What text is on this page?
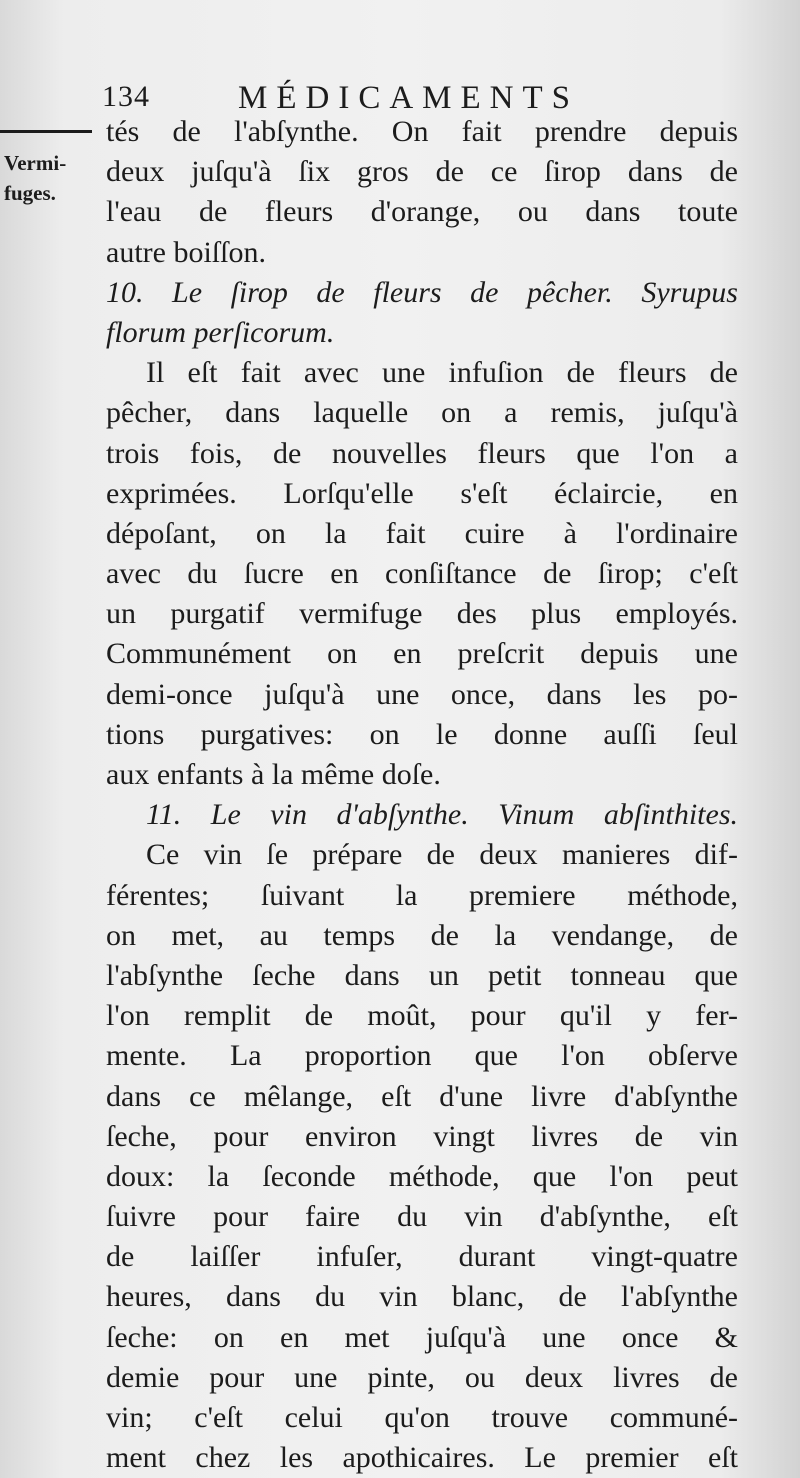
134	MÉDICAMENTS
Vermi-
fuges.
tés de l'abſynthe. On fait prendre depuis
deux juſqu'à ſix gros de ce ſirop dans de
l'eau de fleurs d'orange, ou dans toute
autre boiſſon.
10. Le ſirop de fleurs de pêcher. Syrupus
florum perſicorum.
Il eſt fait avec une infuſion de fleurs de
pêcher, dans laquelle on a remis, juſqu'à
trois fois, de nouvelles fleurs que l'on a
exprimées. Lorſqu'elle s'eſt éclaircie, en
dépoſant, on la fait cuire à l'ordinaire
avec du ſucre en conſiſtance de ſirop; c'eſt
un purgatif vermifuge des plus employés.
Communément on en preſcrit depuis une
demi-once juſqu'à une once, dans les po-
tions purgatives: on le donne auſſi ſeul
aux enfants à la même doſe.
11. Le vin d'abſynthe. Vinum abſinthites.
Ce vin ſe prépare de deux manieres dif-
férentes; ſuivant la premiere méthode,
on met, au temps de la vendange, de
l'abſynthe ſeche dans un petit tonneau que
l'on remplit de moût, pour qu'il y fer-
mente. La proportion que l'on obſerve
dans ce mêlange, eſt d'une livre d'abſynthe
ſeche, pour environ vingt livres de vin
doux: la ſeconde méthode, que l'on peut
ſuivre pour faire du vin d'abſynthe, eſt
de laiſſer infuſer, durant vingt-quatre
heures, dans du vin blanc, de l'abſynthe
ſeche: on en met juſqu'à une once &
demie pour une pinte, ou deux livres de
vin; c'eſt celui qu'on trouve communé-
ment chez les apothicaires. Le premier eſt
